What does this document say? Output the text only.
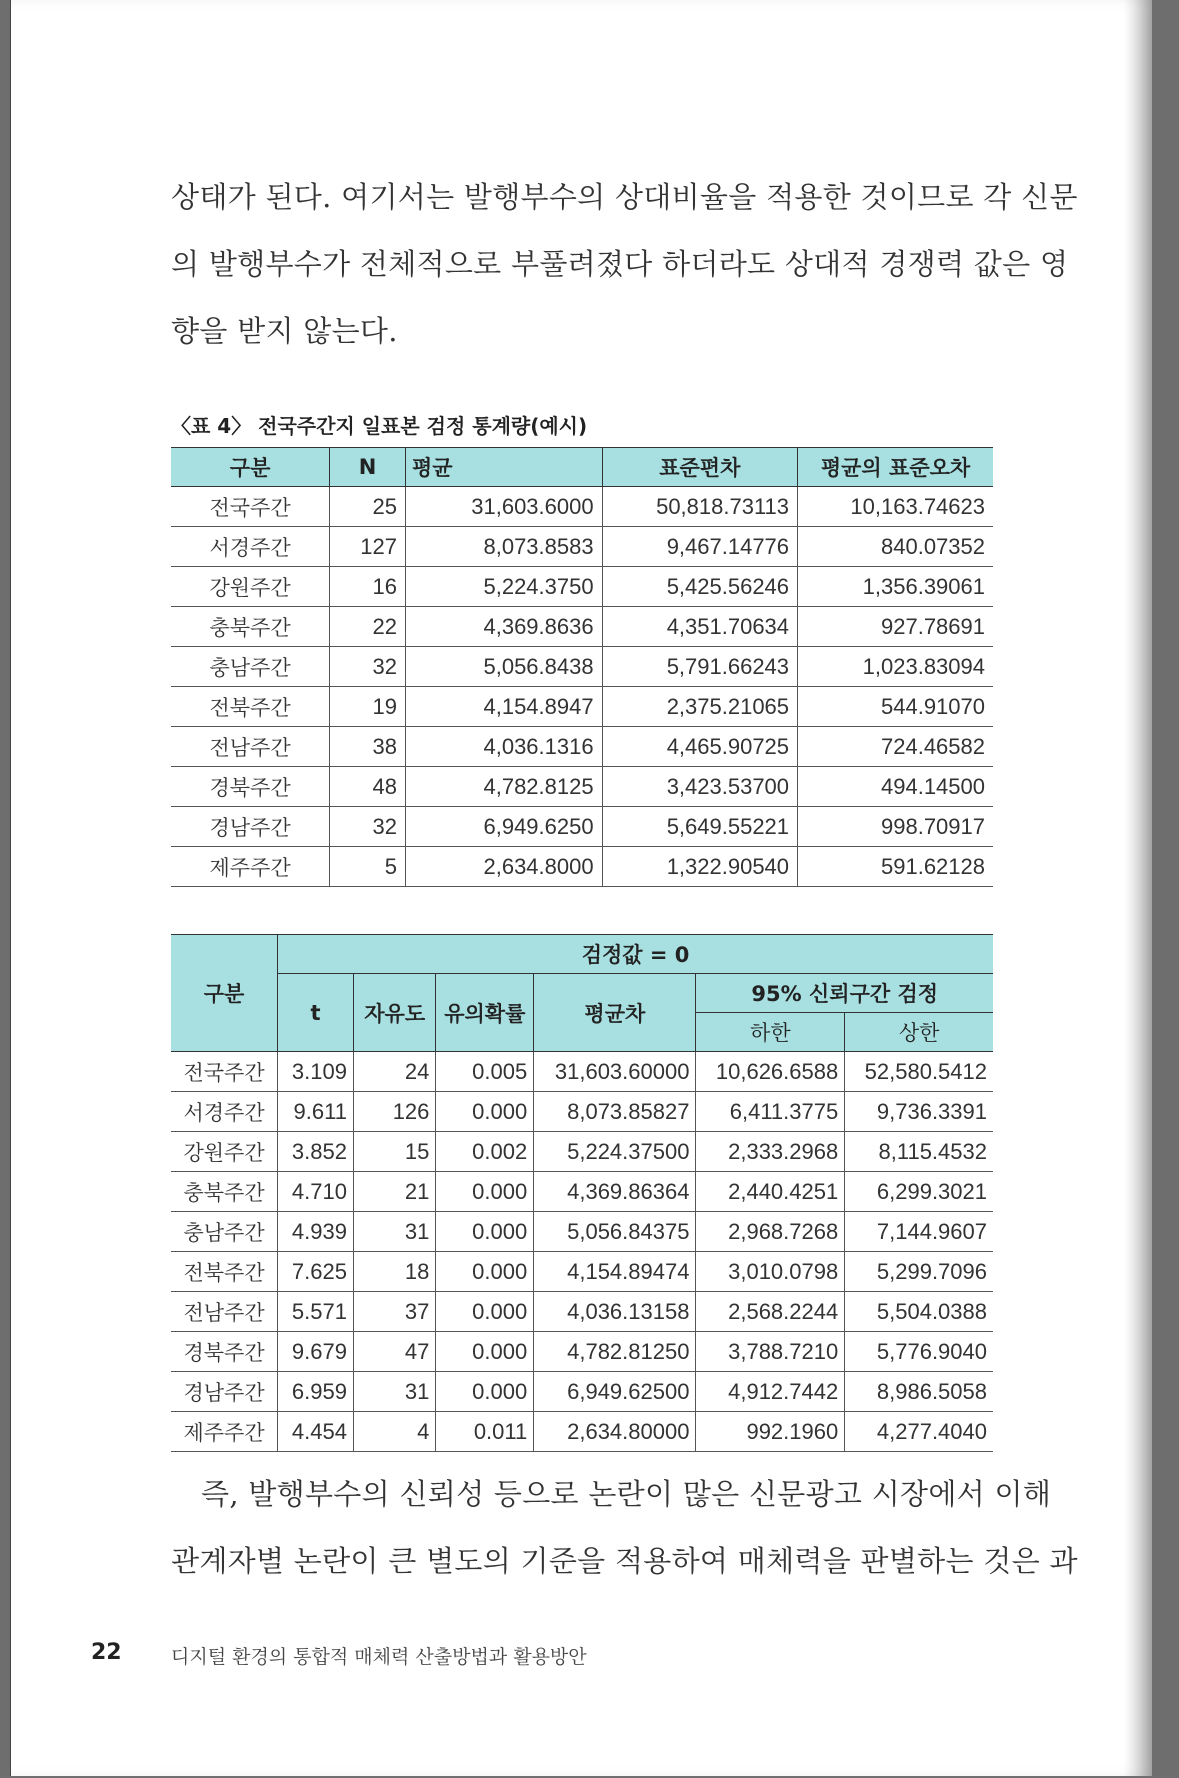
상태가 된다. 여기서는 발행부수의 상대비율을 적용한 것이므로 각 신문
의 발행부수가 전체적으로 부풀려졌다 하더라도 상대적 경쟁력 값은 영
향을 받지 않는다.
〈표 4〉 전국주간지 일표본 검정 통계량(예시)
구분	N	평균	표준편차	평균의 표준오차
전국주간	25	31,603.6000	50,818.73113	10,163.74623
서경주간	127	8,073.8583	9,467.14776	840.07352
강원주간	16	5,224.3750	5,425.56246	1,356.39061
충북주간	22	4,369.8636	4,351.70634	927.78691
충남주간	32	5,056.8438	5,791.66243	1,023.83094
전북주간	19	4,154.8947	2,375.21065	544.91070
전남주간	38	4,036.1316	4,465.90725	724.46582
경북주간	48	4,782.8125	3,423.53700	494.14500
경남주간	32	6,949.6250	5,649.55221	998.70917
제주주간	5	2,634.8000	1,322.90540	591.62128
구분	검정값 = 0					
	t	자유도	유의확률	평균차	95% 신뢰구간 검정	
					하한	상한
전국주간	3.109	24	0.005	31,603.60000	10,626.6588	52,580.5412
서경주간	9.611	126	0.000	8,073.85827	6,411.3775	9,736.3391
강원주간	3.852	15	0.002	5,224.37500	2,333.2968	8,115.4532
충북주간	4.710	21	0.000	4,369.86364	2,440.4251	6,299.3021
충남주간	4.939	31	0.000	5,056.84375	2,968.7268	7,144.9607
전북주간	7.625	18	0.000	4,154.89474	3,010.0798	5,299.7096
전남주간	5.571	37	0.000	4,036.13158	2,568.2244	5,504.0388
경북주간	9.679	47	0.000	4,782.81250	3,788.7210	5,776.9040
경남주간	6.959	31	0.000	6,949.62500	4,912.7442	8,986.5058
제주주간	4.454	4	0.011	2,634.80000	992.1960	4,277.4040
즉, 발행부수의 신뢰성 등으로 논란이 많은 신문광고 시장에서 이해
관계자별 논란이 큰 별도의 기준을 적용하여 매체력을 판별하는 것은 과
22	디지털 환경의 통합적 매체력 산출방법과 활용방안
